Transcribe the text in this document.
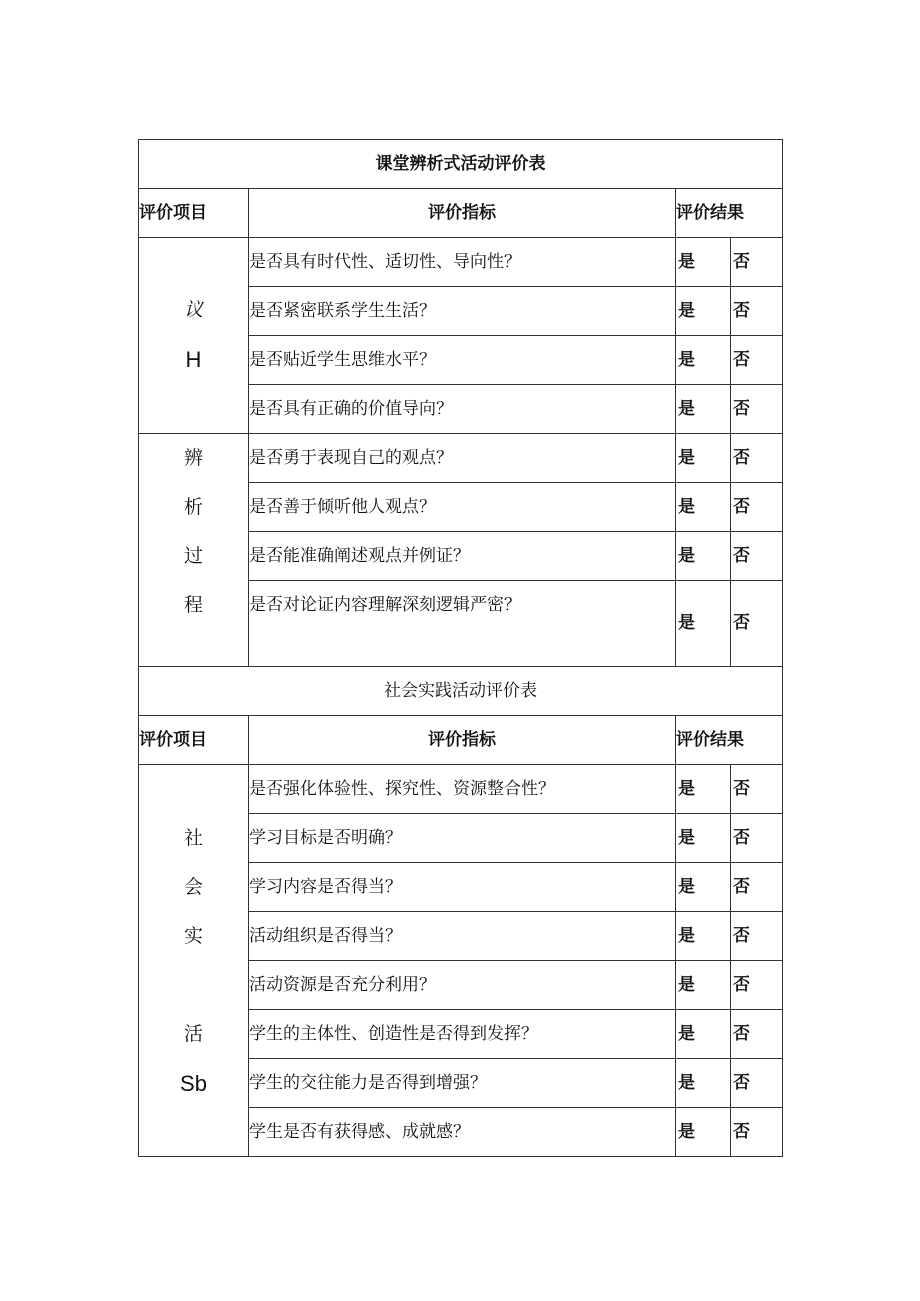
课堂辨析式活动评价表			
评价项目	评价指标	评价结果	

议
H	是否具有时代性、适切性、导向性？	是	否
	是否紧密联系学生生活？	是	否
	是否贴近学生思维水平？	是	否
	是否具有正确的价值导向？	是	否

辨
析
过
程	是否勇于表现自己的观点？	是	否
	是否善于倾听他人观点？	是	否
	是否能准确阐述观点并例证？	是	否
	是否对论证内容理解深刻逻辑严密？	是	否
社会实践活动评价表			
评价项目	评价指标	评价结果	

社
会
实
活
Sb	是否强化体验性、探究性、资源整合性？	是	否
	学习目标是否明确？	是	否
	学习内容是否得当？	是	否
	活动组织是否得当？	是	否
	活动资源是否充分利用？	是	否
	学生的主体性、创造性是否得到发挥？	是	否
	学生的交往能力是否得到增强？	是	否
	学生是否有获得感、成就感？	是	否
